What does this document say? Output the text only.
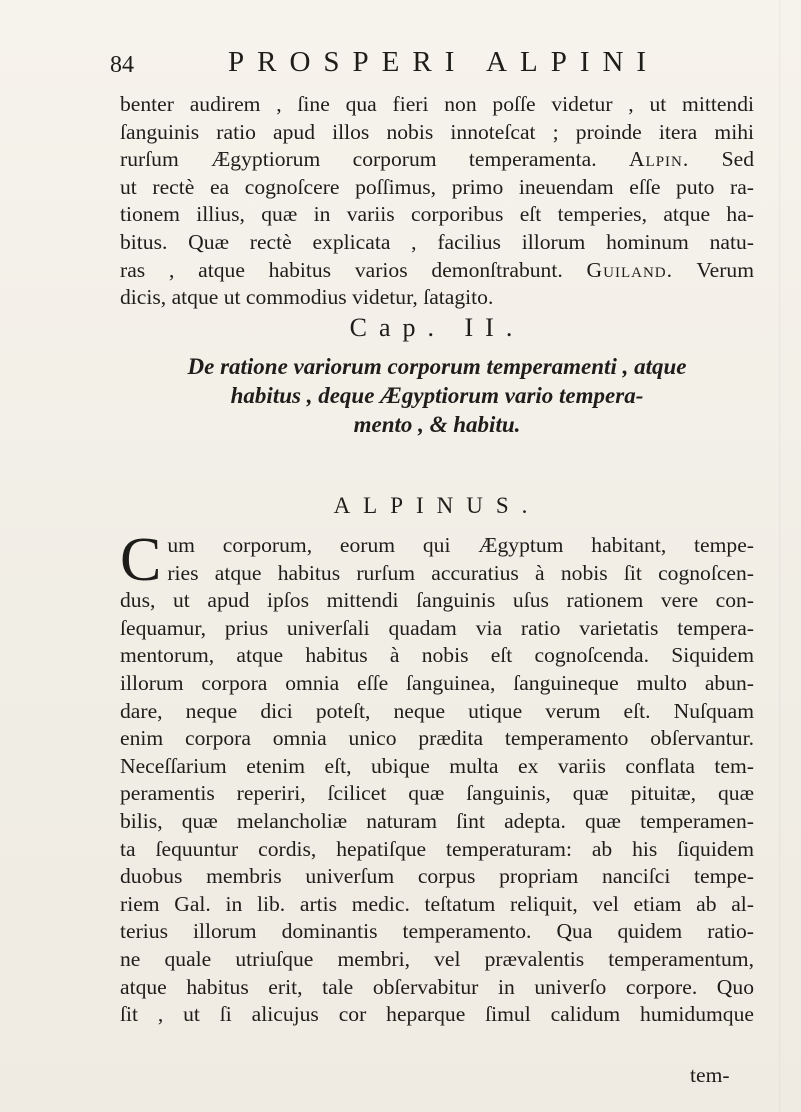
84	PROSPERI ALPINI
benter audirem , ſine qua fieri non poſſe videtur , ut mittendi
ſanguinis ratio apud illos nobis innoteſcat ; proinde itera mihi
rurſum Ægyptiorum corporum temperamenta. Alpin. Sed
ut rectè ea cognoſcere poſſimus, primo ineuendam eſſe puto ra-
tionem illius, quæ in variis corporibus eſt temperies, atque ha-
bitus. Quæ rectè explicata , facilius illorum hominum natu-
ras , atque habitus varios demonſtrabunt. Guiland. Verum
dicis, atque ut commodius videtur, ſatagito.
Cap. II.
De ratione variorum corporum temperamenti , atque
habitus , deque Ægyptiorum vario tempera-
mento , & habitu.
ALPINUS.
C um corporum, eorum qui Ægyptum habitant, tempe-
ries atque habitus rurſum accuratius à nobis ſit cognoſcen-
dus, ut apud ipſos mittendi ſanguinis uſus rationem vere con-
ſequamur, prius univerſali quadam via ratio varietatis tempera-
mentorum, atque habitus à nobis eſt cognoſcenda. Siquidem
illorum corpora omnia eſſe ſanguinea, ſanguineque multo abun-
dare, neque dici poteſt, neque utique verum eſt. Nuſquam
enim corpora omnia unico prædita temperamento obſervantur.
Neceſſarium etenim eſt, ubique multa ex variis conflata tem-
peramentis reperiri, ſcilicet quæ ſanguinis, quæ pituitæ, quæ
bilis, quæ melancholiæ naturam ſint adepta. quæ temperamen-
ta ſequuntur cordis, hepatiſque temperaturam: ab his ſiquidem
duobus membris univerſum corpus propriam nanciſci tempe-
riem Gal. in lib. artis medic. teſtatum reliquit, vel etiam ab al-
terius illorum dominantis temperamento. Qua quidem ratio-
ne quale utriuſque membri, vel prævalentis temperamentum,
atque habitus erit, tale obſervabitur in univerſo corpore. Quo
ſit , ut ſi alicujus cor heparque ſimul calidum humidumque
tem-
